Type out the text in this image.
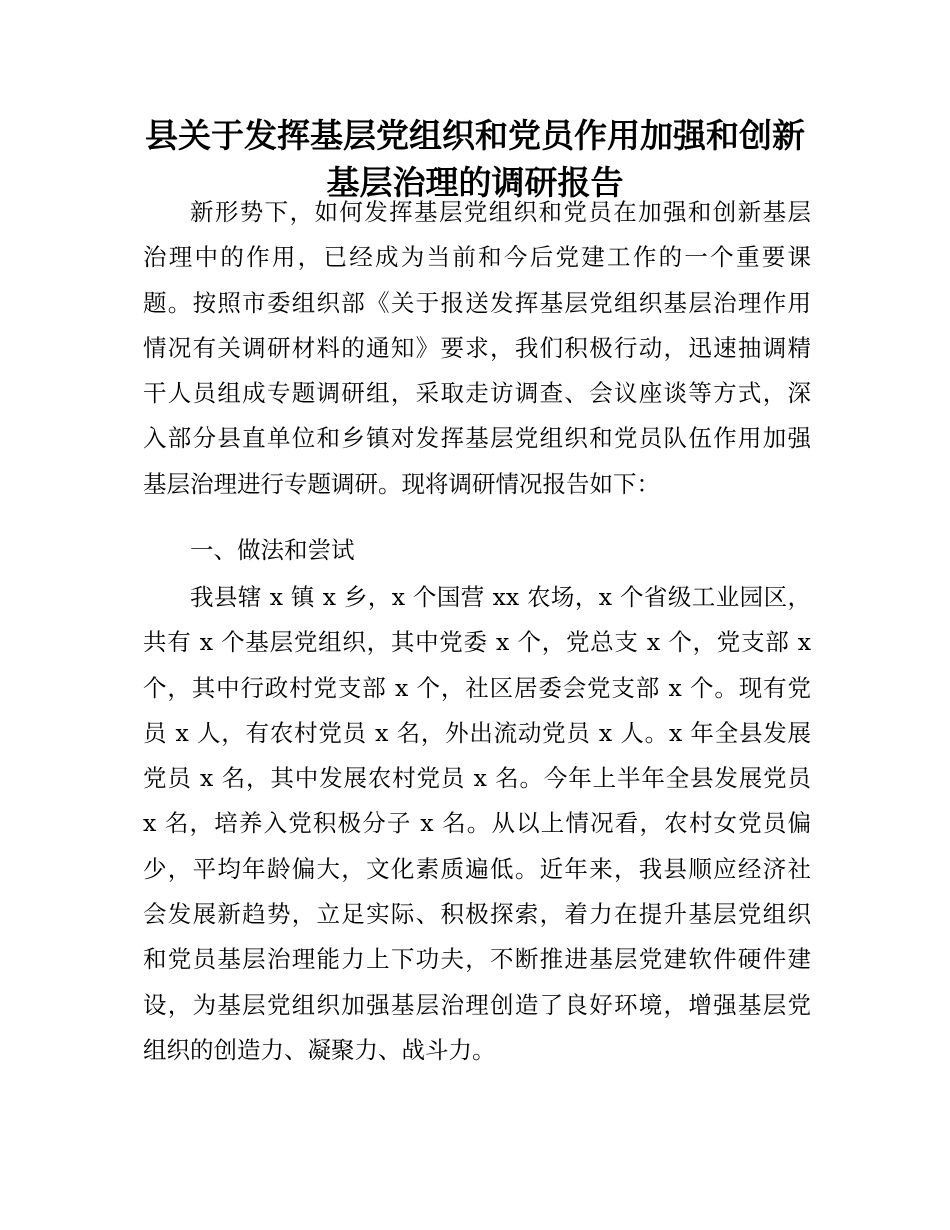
县关于发挥基层党组织和党员作用加强和创新
基层治理的调研报告
新形势下，如何发挥基层党组织和党员在加强和创新基层
治理中的作用，已经成为当前和今后党建工作的一个重要课
题。按照市委组织部《关于报送发挥基层党组织基层治理作用
情况有关调研材料的通知》要求，我们积极行动，迅速抽调精
干人员组成专题调研组，采取走访调查、会议座谈等方式，深
入部分县直单位和乡镇对发挥基层党组织和党员队伍作用加强
基层治理进行专题调研。现将调研情况报告如下：
一、做法和尝试
我县辖 x 镇 x 乡，x 个国营 xx 农场，x 个省级工业园区，
共有 x 个基层党组织，其中党委 x 个，党总支 x 个，党支部 x
个，其中行政村党支部 x 个，社区居委会党支部 x 个。现有党
员 x 人，有农村党员 x 名，外出流动党员 x 人。x 年全县发展
党员 x 名，其中发展农村党员 x 名。今年上半年全县发展党员
x 名，培养入党积极分子 x 名。从以上情况看，农村女党员偏
少，平均年龄偏大，文化素质遍低。近年来，我县顺应经济社
会发展新趋势，立足实际、积极探索，着力在提升基层党组织
和党员基层治理能力上下功夫，不断推进基层党建软件硬件建
设，为基层党组织加强基层治理创造了良好环境，增强基层党
组织的创造力、凝聚力、战斗力。
